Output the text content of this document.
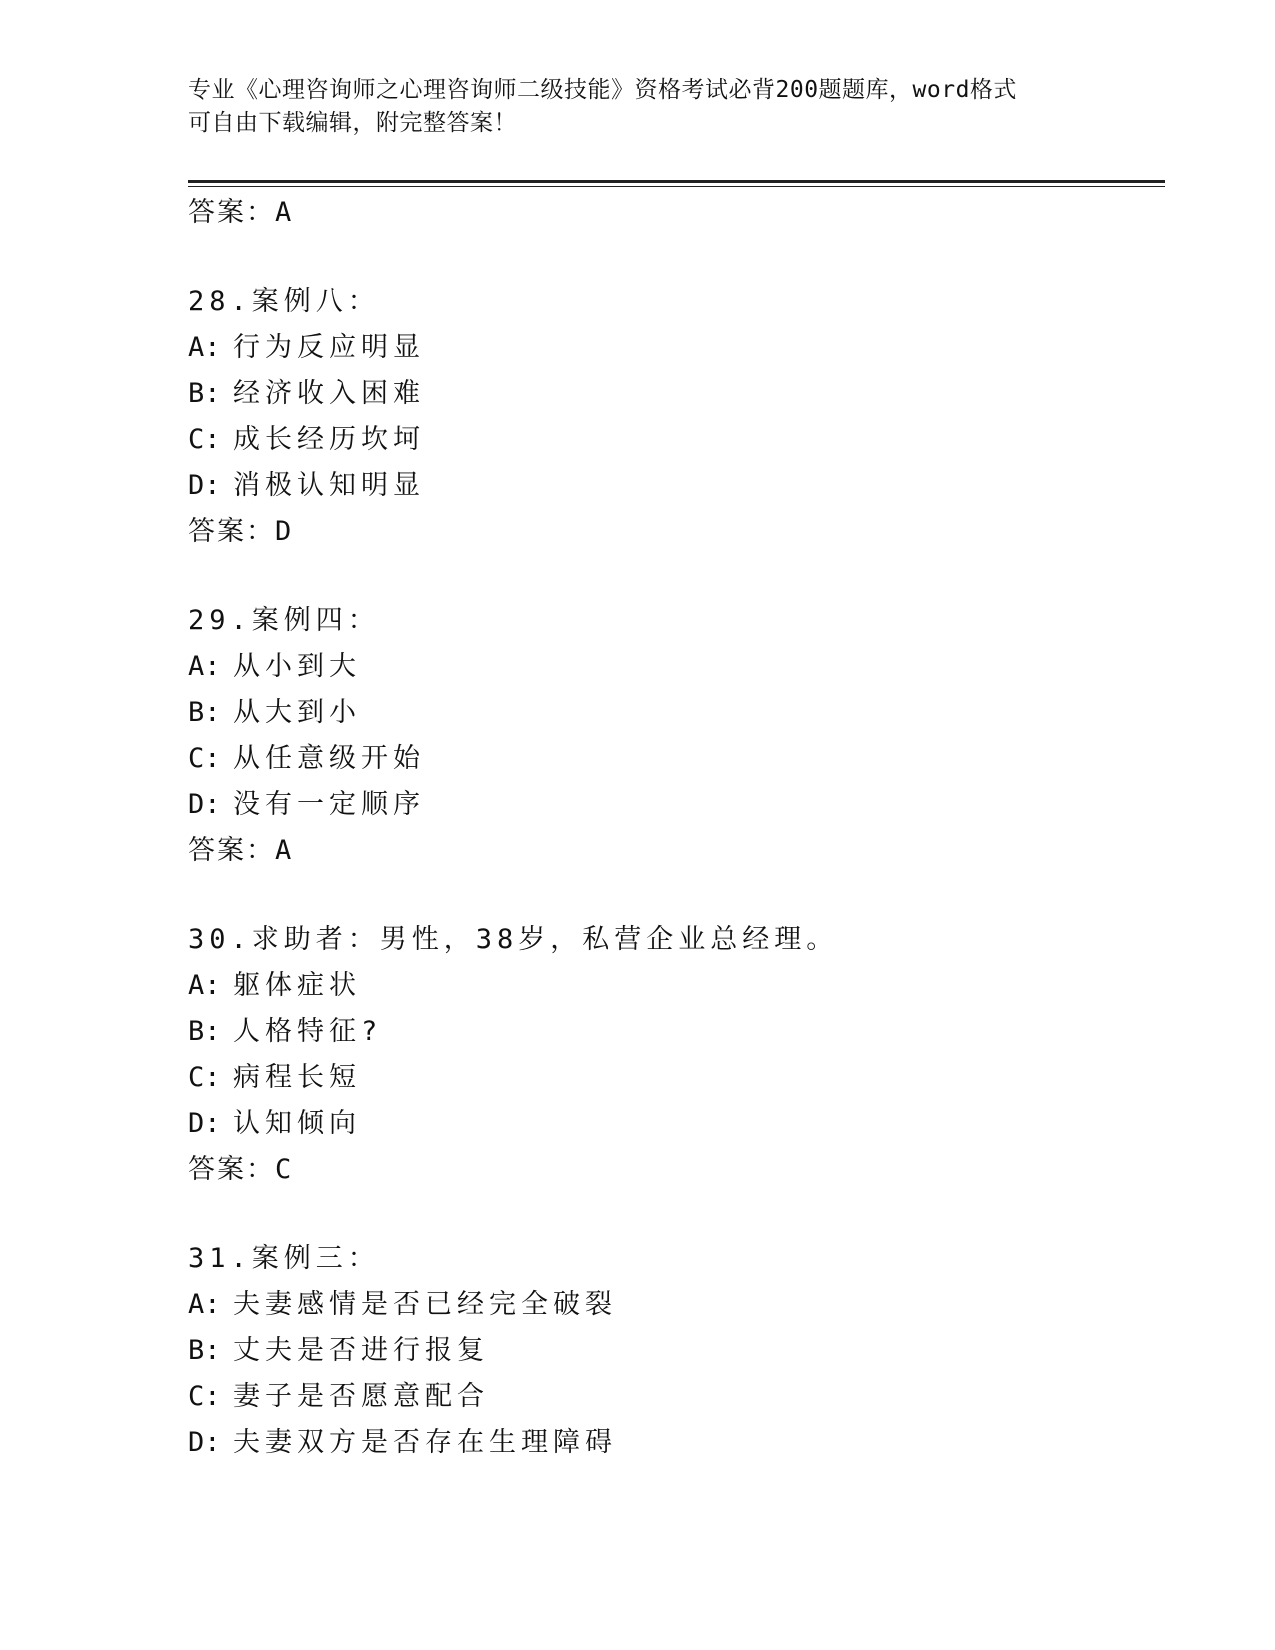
专业《心理咨询师之心理咨询师二级技能》资格考试必背200题题库，word格式
可自由下载编辑，附完整答案！
答案：A
28.案例八：
A: 行为反应明显
B: 经济收入困难
C: 成长经历坎坷
D: 消极认知明显
答案：D
29.案例四：
A: 从小到大
B: 从大到小
C: 从任意级开始
D: 没有一定顺序
答案：A
30.求助者：男性，38岁，私营企业总经理。
A: 躯体症状
B: 人格特征?
C: 病程长短
D: 认知倾向
答案：C
31.案例三：
A: 夫妻感情是否已经完全破裂
B: 丈夫是否进行报复
C: 妻子是否愿意配合
D: 夫妻双方是否存在生理障碍
